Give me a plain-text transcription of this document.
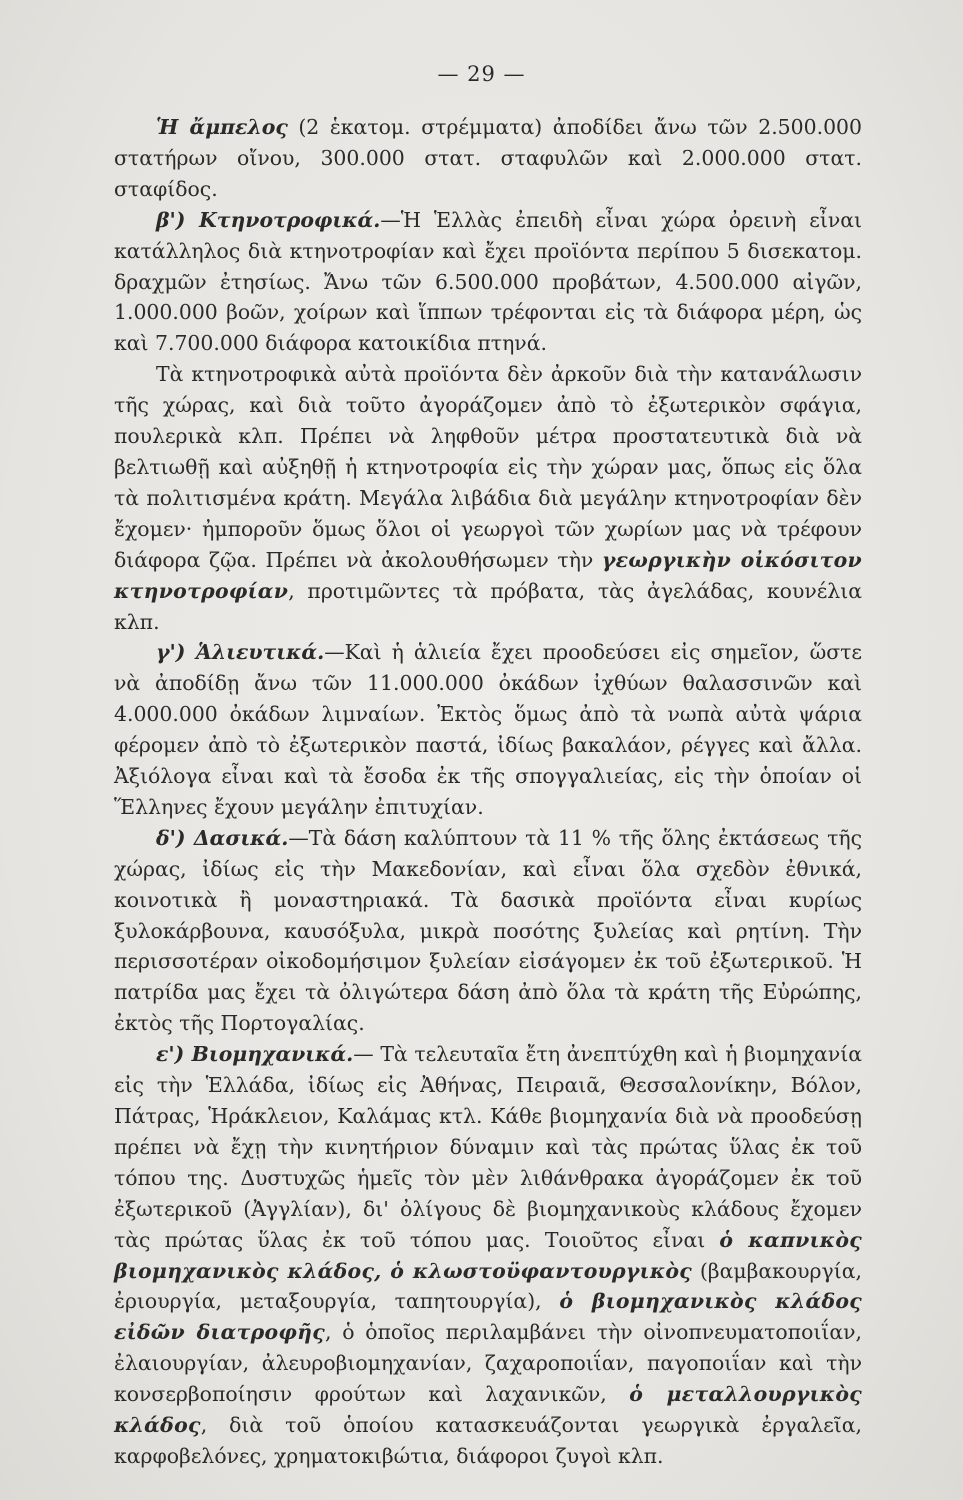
— 29 —

Ἡ ἄμπελος (2 ἑκατομ. στρέμματα) ἀποδίδει ἄνω τῶν 2.500.000 στατήρων οἴνου, 300.000 στατ. σταφυλῶν καὶ 2.000.000 στατ. σταφίδος.

β') Κτηνοτροφικά.—Ἡ Ἑλλὰς ἐπειδὴ εἶναι χώρα ὀρεινὴ εἶναι κατάλληλος διὰ κτηνοτροφίαν καὶ ἔχει προϊόντα περίπου 5 δισεκατομ. δραχμῶν ἐτησίως. Ἄνω τῶν 6.500.000 προβάτων, 4.500.000 αἰγῶν, 1.000.000 βοῶν, χοίρων καὶ ἵππων τρέφονται εἰς τὰ διάφορα μέρη, ὡς καὶ 7.700.000 διάφορα κατοικίδια πτηνά.

Τὰ κτηνοτροφικὰ αὐτὰ προϊόντα δὲν ἀρκοῦν διὰ τὴν κατανάλωσιν τῆς χώρας, καὶ διὰ τοῦτο ἀγοράζομεν ἀπὸ τὸ ἐξωτερικὸν σφάγια, πουλερικὰ κλπ. Πρέπει νὰ ληφθοῦν μέτρα προστατευτικὰ διὰ νὰ βελτιωθῇ καὶ αὐξηθῇ ἡ κτηνοτροφία εἰς τὴν χώραν μας, ὅπως εἰς ὅλα τὰ πολιτισμένα κράτη. Μεγάλα λιβάδια διὰ μεγάλην κτηνοτροφίαν δὲν ἔχομεν· ἠμποροῦν ὅμως ὅλοι οἱ γεωργοὶ τῶν χωρίων μας νὰ τρέφουν διάφορα ζῷα. Πρέπει νὰ ἀκολουθήσωμεν τὴν γεωργικὴν οἰκόσιτον κτηνοτροφίαν, προτιμῶντες τὰ πρόβατα, τὰς ἀγελάδας, κουνέλια κλπ.

γ') Ἁλιευτικά.—Καὶ ἡ ἁλιεία ἔχει προοδεύσει εἰς σημεῖον, ὥστε νὰ ἀποδίδῃ ἄνω τῶν 11.000.000 ὀκάδων ἰχθύων θαλασσινῶν καὶ 4.000.000 ὀκάδων λιμναίων. Ἐκτὸς ὅμως ἀπὸ τὰ νωπὰ αὐτὰ ψάρια φέρομεν ἀπὸ τὸ ἐξωτερικὸν παστά, ἰδίως βακαλάον, ρέγγες καὶ ἄλλα. Ἀξιόλογα εἶναι καὶ τὰ ἔσοδα ἐκ τῆς σπογγαλιείας, εἰς τὴν ὁποίαν οἱ Ἕλληνες ἔχουν μεγάλην ἐπιτυχίαν.

δ') Δασικά.—Τὰ δάση καλύπτουν τὰ 11 % τῆς ὅλης ἐκτάσεως τῆς χώρας, ἰδίως εἰς τὴν Μακεδονίαν, καὶ εἶναι ὅλα σχεδὸν ἐθνικά, κοινοτικὰ ἢ μοναστηριακά. Τὰ δασικὰ προϊόντα εἶναι κυρίως ξυλοκάρβουνα, καυσόξυλα, μικρὰ ποσότης ξυλείας καὶ ρητίνη. Τὴν περισσοτέραν οἰκοδομήσιμον ξυλείαν εἰσάγομεν ἐκ τοῦ ἐξωτερικοῦ. Ἡ πατρίδα μας ἔχει τὰ ὀλιγώτερα δάση ἀπὸ ὅλα τὰ κράτη τῆς Εὐρώπης, ἐκτὸς τῆς Πορτογαλίας.

ε') Βιομηχανικά.— Τὰ τελευταῖα ἔτη ἀνεπτύχθη καὶ ἡ βιομηχανία εἰς τὴν Ἑλλάδα, ἰδίως εἰς Ἀθήνας, Πειραιᾶ, Θεσσαλονίκην, Βόλον, Πάτρας, Ἡράκλειον, Καλάμας κτλ. Κάθε βιομηχανία διὰ νὰ προοδεύσῃ πρέπει νὰ ἔχῃ τὴν κινητήριον δύναμιν καὶ τὰς πρώτας ὕλας ἐκ τοῦ τόπου της. Δυστυχῶς ἡμεῖς τὸν μὲν λιθάνθρακα ἀγοράζομεν ἐκ τοῦ ἐξωτερικοῦ (Ἀγγλίαν), δι' ὀλίγους δὲ βιομηχανικοὺς κλάδους ἔχομεν τὰς πρώτας ὕλας ἐκ τοῦ τόπου μας. Τοιοῦτος εἶναι ὁ καπνικὸς βιομηχανικὸς κλάδος, ὁ κλωστοϋφαντουργικὸς (βαμβακουργία, ἐριουργία, μεταξουργία, ταπητουργία), ὁ βιομηχανικὸς κλάδος εἰδῶν διατροφῆς, ὁ ὁποῖος περιλαμβάνει τὴν οἰνοπνευματοποιΐαν, ἐλαιουργίαν, ἀλευροβιομηχανίαν, ζαχαροποιΐαν, παγοποιΐαν καὶ τὴν κονσερβοποίησιν φρούτων καὶ λαχανικῶν, ὁ μεταλλουργικὸς κλάδος, διὰ τοῦ ὁποίου κατασκευάζονται γεωργικὰ ἐργαλεῖα, καρφοβελόνες, χρηματοκιβώτια, διάφοροι ζυγοὶ κλπ.
